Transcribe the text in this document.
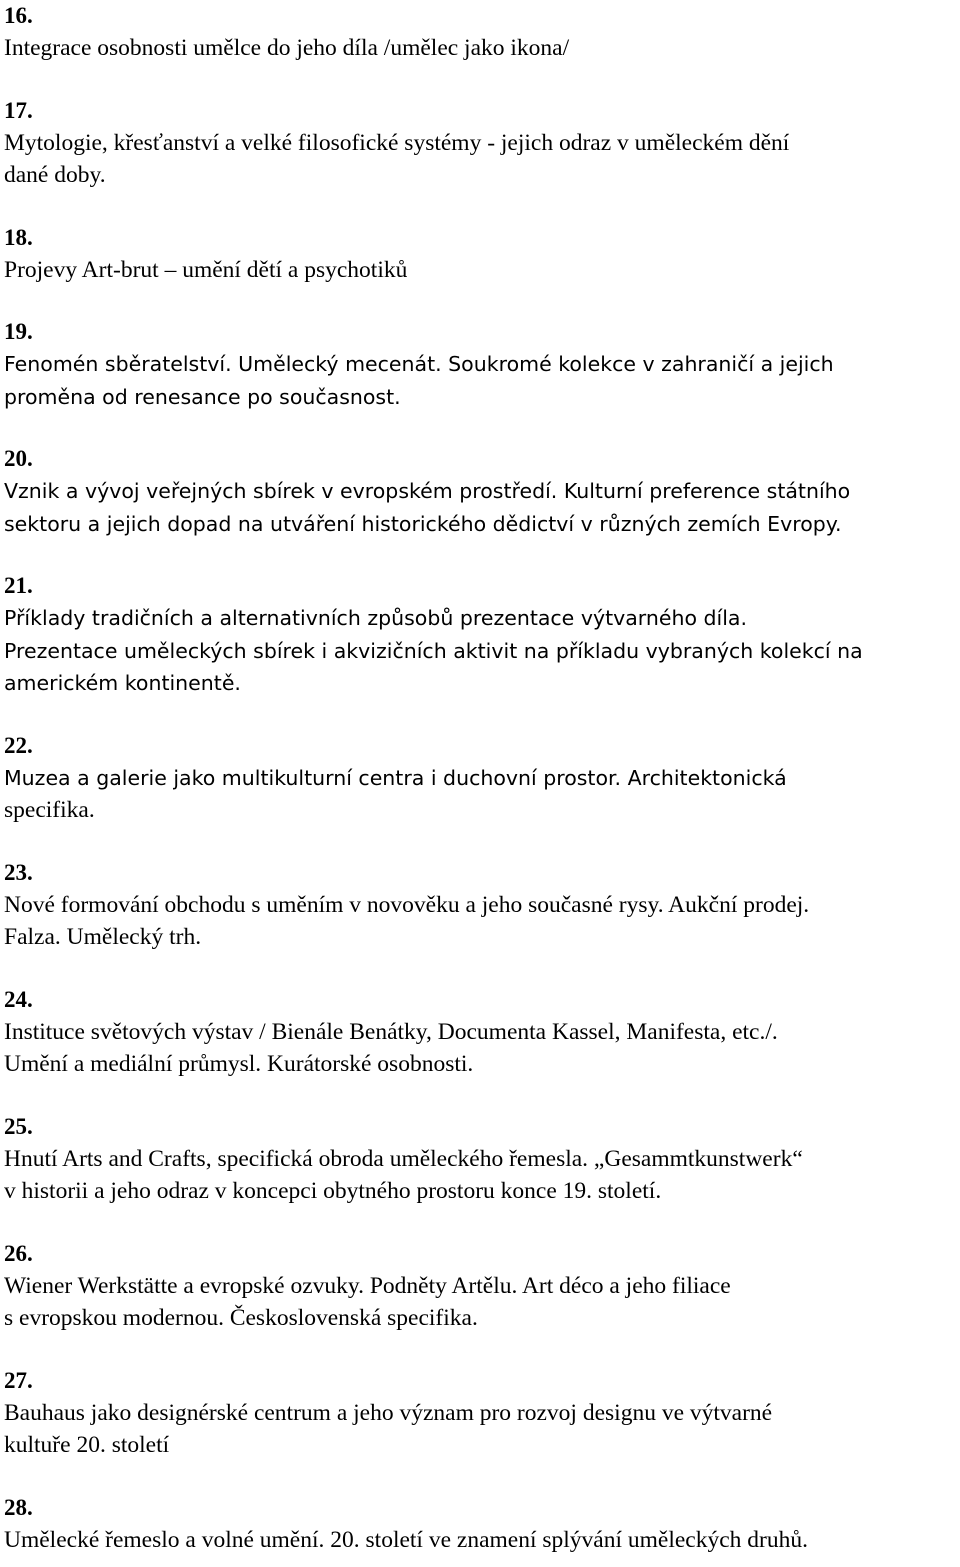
16.
Integrace osobnosti umělce do jeho díla /umělec jako ikona/
17.
Mytologie, křesťanství a velké filosofické systémy - jejich odraz v uměleckém dění
dané doby.
18.
Projevy Art-brut – umění dětí a psychotiků
19.
Fenomén sběratelství. Umělecký mecenát. Soukromé kolekce v zahraničí a jejich
proměna od renesance po současnost.
20.
Vznik a vývoj veřejných sbírek v evropském prostředí. Kulturní preference státního
sektoru a jejich dopad na utváření historického dědictví v různých zemích Evropy.
21.
Příklady tradičních a alternativních způsobů prezentace výtvarného díla.
Prezentace uměleckých sbírek i akvizičních aktivit na příkladu vybraných kolekcí na
americkém kontinentě.
22.
Muzea a galerie jako multikulturní centra i duchovní prostor. Architektonická
specifika.
23.
Nové formování obchodu s uměním v novověku a jeho současné rysy. Aukční prodej.
Falza. Umělecký trh.
24.
Instituce světových výstav / Bienále Benátky, Documenta Kassel, Manifesta, etc./.
Umění a mediální průmysl. Kurátorské osobnosti.
25.
Hnutí Arts and Crafts, specifická obroda uměleckého řemesla. „Gesammtkunstwerk“
v historii a jeho odraz v koncepci obytného prostoru konce 19. století.
26.
Wiener Werkstätte a evropské ozvuky. Podněty Artělu. Art déco a jeho filiace
s evropskou modernou. Československá specifika.
27.
Bauhaus jako designérské centrum a jeho význam pro rozvoj designu ve výtvarné
kultuře 20. století
28.
Umělecké řemeslo a volné umění. 20. století ve znamení splývání uměleckých druhů.
